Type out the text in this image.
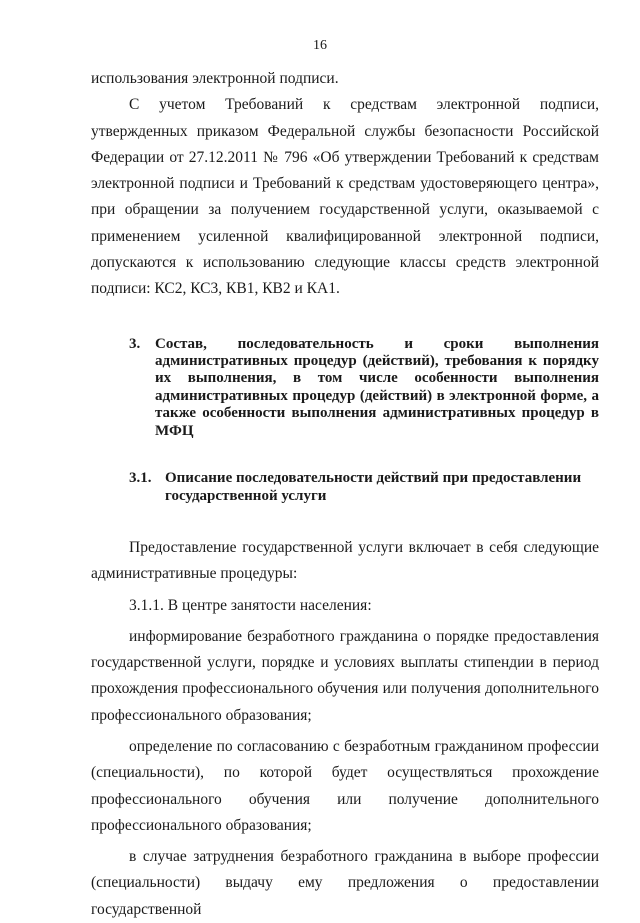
16

использования электронной подписи.

С учетом Требований к средствам электронной подписи, утвержденных приказом Федеральной службы безопасности Российской Федерации от 27.12.2011 № 796 «Об утверждении Требований к средствам электронной подписи и Требований к средствам удостоверяющего центра», при обращении за получением государственной услуги, оказываемой с применением усиленной квалифицированной электронной подписи, допускаются к использованию следующие классы средств электронной подписи: КС2, КС3, КВ1, КВ2 и КА1.

3. Состав, последовательность и сроки выполнения административных процедур (действий), требования к порядку их выполнения, в том числе особенности выполнения административных процедур (действий) в электронной форме, а также особенности выполнения административных процедур в МФЦ
3.1. Описание последовательности действий при предоставлении
государственной услуги

Предоставление государственной услуги включает в себя следующие административные процедуры:

3.1.1. В центре занятости населения:

информирование безработного гражданина о порядке предоставления государственной услуги, порядке и условиях выплаты стипендии в период прохождения профессионального обучения или получения дополнительного профессионального образования;

определение по согласованию с безработным гражданином профессии (специальности), по которой будет осуществляться прохождение профессионального обучения или получение дополнительного профессионального образования;

в случае затруднения безработного гражданина в выборе профессии (специальности) выдачу ему предложения о предоставлении государственной
